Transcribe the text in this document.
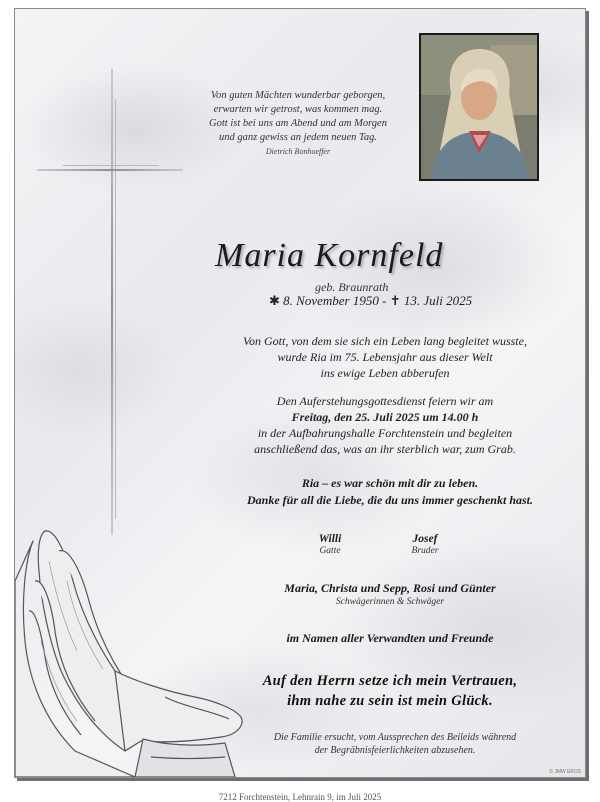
Von guten Mächten wunderbar geborgen,
erwarten wir getrost, was kommen mag.
Gott ist bei uns am Abend und am Morgen
und ganz gewiss an jedem neuen Tag.
Dietrich Bonhoeffer
Maria Kornfeld
geb. Braunrath
✱ 8. November 1950 - ✝ 13. Juli 2025
Von Gott, von dem sie sich ein Leben lang begleitet wusste,
wurde Ria im 75. Lebensjahr aus dieser Welt
ins ewige Leben abberufen
Den Auferstehungsgottesdienst feiern wir am
Freitag, den 25. Juli 2025 um 14.00 h
in der Aufbahrungshalle Forchtenstein und begleiten
anschließend das, was an ihr sterblich war, zum Grab.
Ria – es war schön mit dir zu leben.
Danke für all die Liebe, die du uns immer geschenkt hast.
Willi
Gatte
Josef
Bruder
Maria, Christa und Sepp, Rosi und Günter
Schwägerinnen & Schwäger
im Namen aller Verwandten und Freunde
Auf den Herrn setze ich mein Vertrauen,
ihm nahe zu sein ist mein Glück.
Die Familie ersucht, vom Aussprechen des Beileids während
der Begräbnisfeierlichkeiten abzusehen.
© JMW EKOS
7212 Forchtenstein, Lehnrain 9, im Juli 2025
